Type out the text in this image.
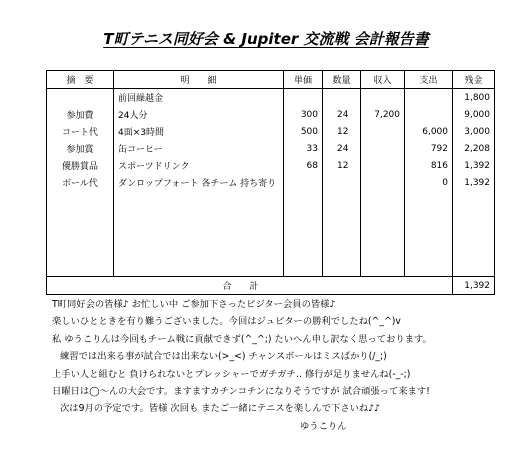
T町テニス同好会 & Jupiter 交流戦 会計報告書
摘　要	明　　細	単価	数量	収入	支出	残金
	前回繰越金					1,800
参加費	24人分	300	24	7,200		9,000
コート代	4面×3時間	500	12		6,000	3,000
参加賞	缶コーヒー	33	24		792	2,208
優勝賞品	スポーツドリンク	68	12		816	1,392
ボール代	ダンロップフォート 各チーム 持ち寄り				0	1,392

合計						1,392
T町同好会の皆様♪ お忙しい中 ご参加下さったピジター会員の皆様♪
楽しいひとときを有り難うございました。今回はジュピターの勝利でしたね(^_^)v
私 ゆうこりんは今回もチーム戦に貢献できず(^_^;) たいへん申し訳なく思っております。
練習では出来る事が試合では出来ない(>_<) チャンスボールはミスばかり(/_;)
上手い人と組むと 負けられないとプレッシャーでガチガチ‥ 修行が足りませんね(-_-;)
日曜日は◯～んの大会です。ますますカチンコチンになりそうですが 試合頑張って来ます!
次は9月の予定です。皆様 次回も またご一緒にテニスを楽しんで下さいね♪♪
ゆうこりん
